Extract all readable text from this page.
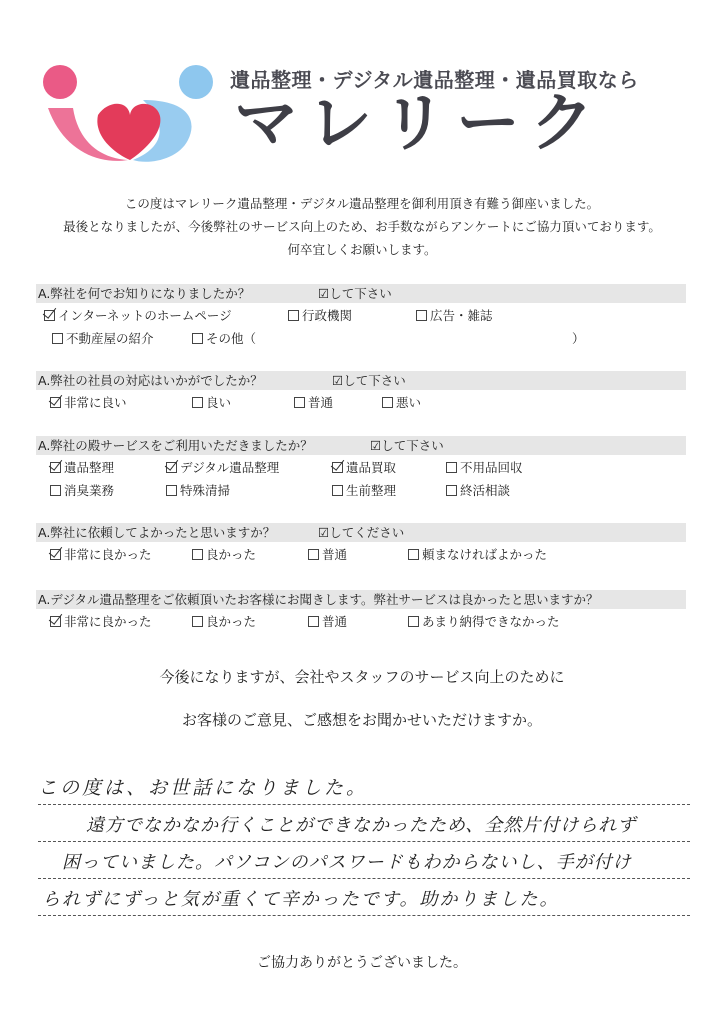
遺品整理・デジタル遺品整理・遺品買取なら
マレリーク
この度はマレリーク遺品整理・デジタル遺品整理を御利用頂き有難う御座いました。
最後となりましたが、今後弊社のサービス向上のため、お手数ながらアンケートにご協力頂いております。
何卒宜しくお願いします。
A.弊社を何でお知りになりましたか？	☑して下さい
インターネットのホームページ	行政機関	広告・雑誌
不動産屋の紹介	その他（	）
A.弊社の社員の対応はいかがでしたか？	☑して下さい
非常に良い	良い	普通	悪い
A.弊社の殿サービスをご利用いただきましたか？	☑して下さい
遺品整理	デジタル遺品整理	遺品買取	不用品回収
消臭業務	特殊清掃	生前整理	終活相談
A.弊社に依頼してよかったと思いますか？	☑してください
非常に良かった	良かった	普通	頼まなければよかった
A.デジタル遺品整理をご依頼頂いたお客様にお聞きします。弊社サービスは良かったと思いますか？
非常に良かった	良かった	普通	あまり納得できなかった
今後になりますが、会社やスタッフのサービス向上のために
お客様のご意見、ご感想をお聞かせいただけますか。
この度は、お世話になりました。
遠方でなかなか行くことができなかったため、全然片付けられず
困っていました。パソコンのパスワードもわからないし、手が付け
られずにずっと気が重くて辛かったです。助かりました。
ご協力ありがとうございました。
